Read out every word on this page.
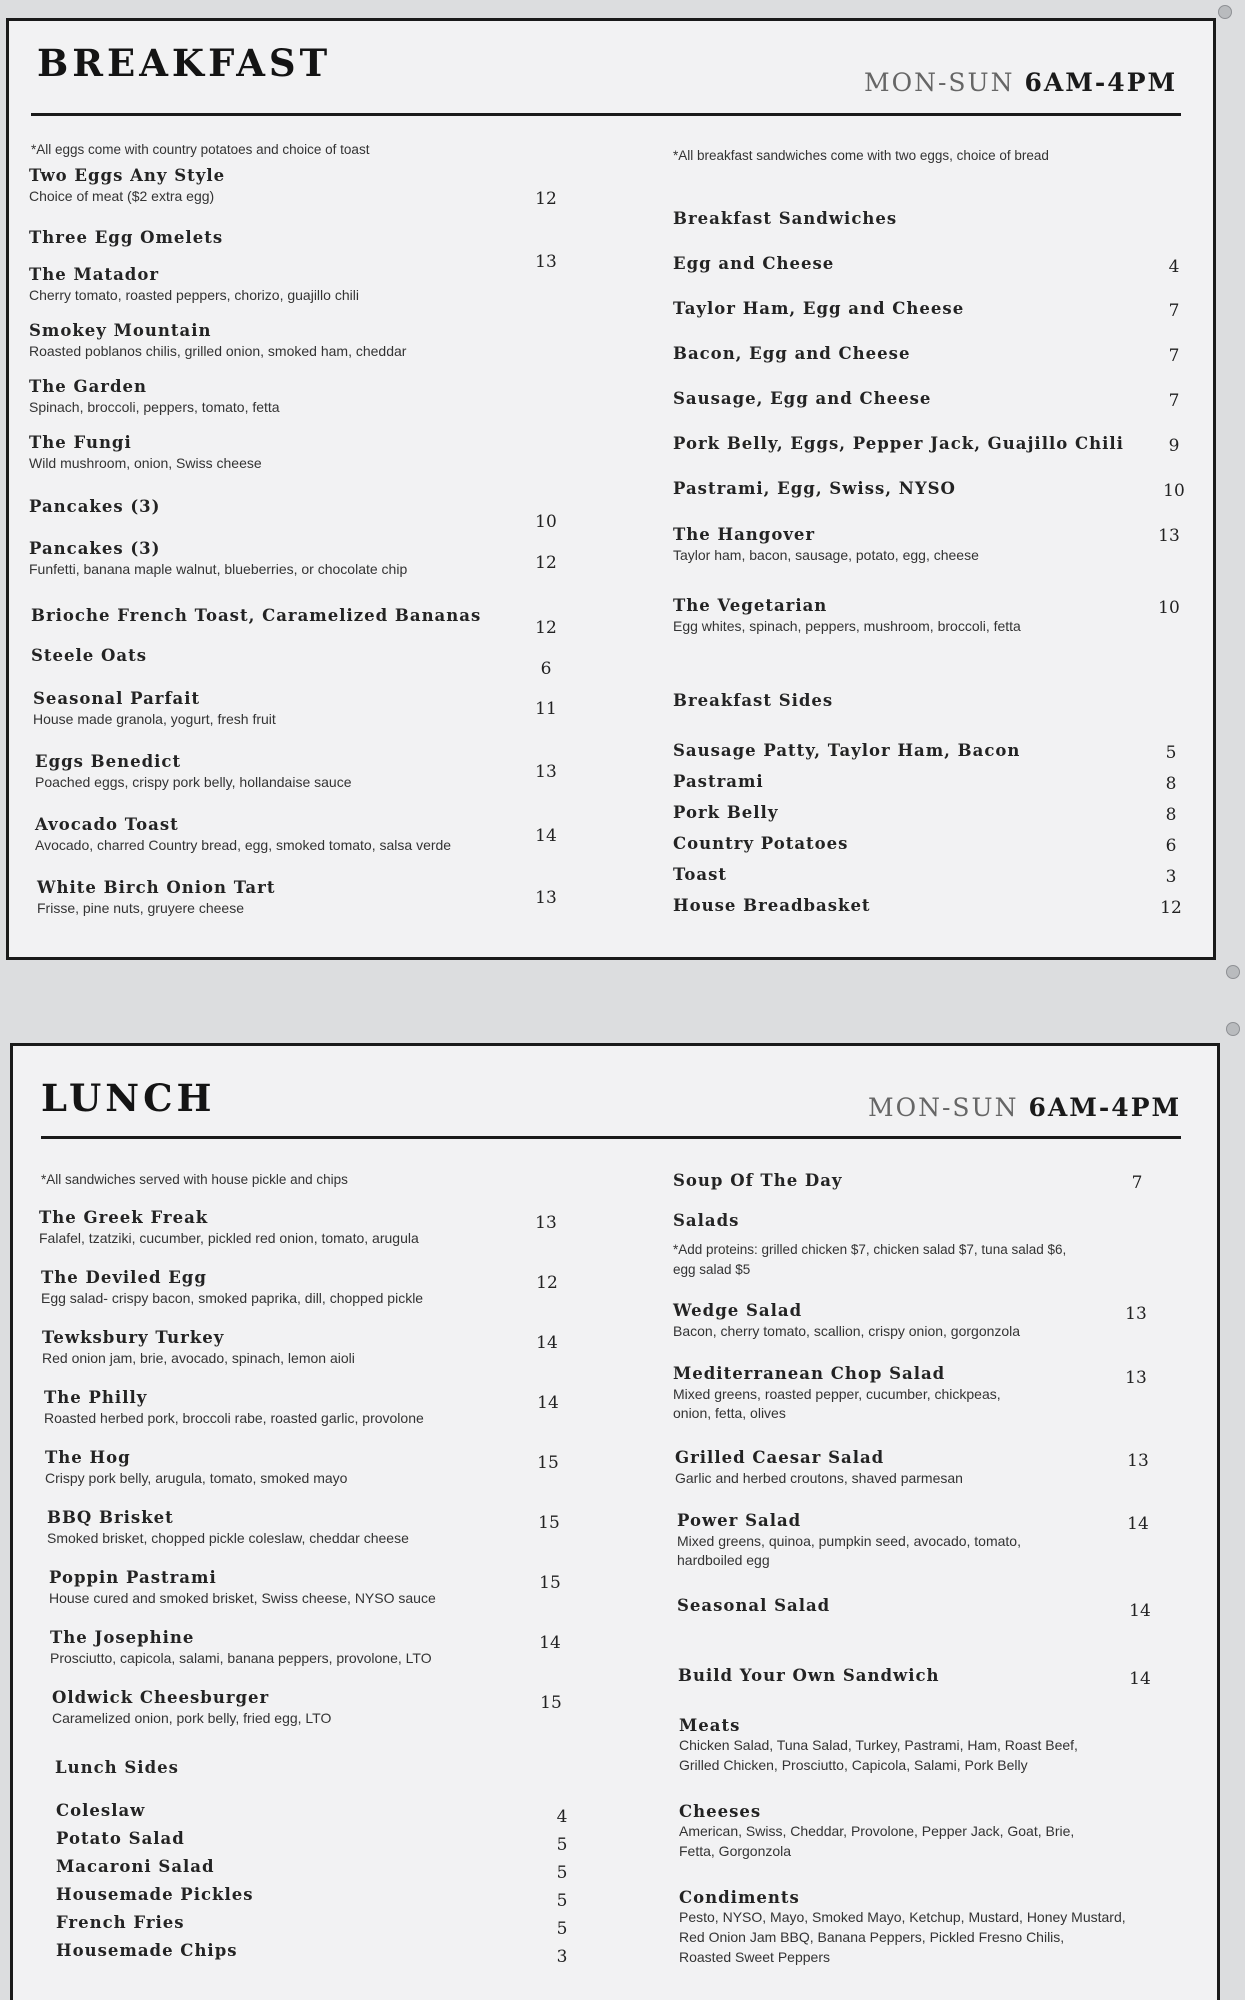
BREAKFAST	MON-SUN 6AM-4PM
*All eggs come with country potatoes and choice of toast	*All breakfast sandwiches come with two eggs, choice of bread
Two Eggs Any Style
Choice of meat ($2 extra egg)	12
Three Egg Omelets
13
The Matador
Cherry tomato, roasted peppers, chorizo, guajillo chili
Smokey Mountain
Roasted poblanos chilis, grilled onion, smoked ham, cheddar
The Garden
Spinach, broccoli, peppers, tomato, fetta
The Fungi
Wild mushroom, onion, Swiss cheese
Pancakes (3)
10
Pancakes (3)
Funfetti, banana maple walnut, blueberries, or chocolate chip	12
Brioche French Toast, Caramelized Bananas
12
Steele Oats
6
Seasonal Parfait
House made granola, yogurt, fresh fruit	11
Eggs Benedict
Poached eggs, crispy pork belly, hollandaise sauce	13
Avocado Toast
Avocado, charred Country bread, egg, smoked tomato, salsa verde	14
White Birch Onion Tart
Frisse, pine nuts, gruyere cheese	13
Breakfast Sandwiches
Egg and Cheese	4
Taylor Ham, Egg and Cheese	7
Bacon, Egg and Cheese	7
Sausage, Egg and Cheese	7
Pork Belly, Eggs, Pepper Jack, Guajillo Chili	9
Pastrami, Egg, Swiss, NYSO	10
The Hangover
Taylor ham, bacon, sausage, potato, egg, cheese
13
The Vegetarian
Egg whites, spinach, peppers, mushroom, broccoli, fetta
10
Breakfast Sides
Sausage Patty, Taylor Ham, Bacon	5
Pastrami	8
Pork Belly	8
Country Potatoes	6
Toast	3
House Breadbasket	12
LUNCH	MON-SUN 6AM-4PM
*All sandwiches served with house pickle and chips
The Greek Freak
Falafel, tzatziki, cucumber, pickled red onion, tomato, arugula
13
The Deviled Egg
Egg salad- crispy bacon, smoked paprika, dill, chopped pickle
12
Tewksbury Turkey
Red onion jam, brie, avocado, spinach, lemon aioli
14
The Philly
Roasted herbed pork, broccoli rabe, roasted garlic, provolone
14
The Hog
Crispy pork belly, arugula, tomato, smoked mayo
15
BBQ Brisket
Smoked brisket, chopped pickle coleslaw, cheddar cheese
15
Poppin Pastrami
House cured and smoked brisket, Swiss cheese, NYSO sauce
15
The Josephine
Prosciutto, capicola, salami, banana peppers, provolone, LTO
14
Oldwick Cheesburger
Caramelized onion, pork belly, fried egg, LTO
15
Lunch Sides
Coleslaw	4
Potato Salad	5
Macaroni Salad	5
Housemade Pickles	5
French Fries	5
Housemade Chips	3
Soup Of The Day	7
Salads
*Add proteins: grilled chicken $7, chicken salad $7, tuna salad $6,
egg salad $5
Wedge Salad
Bacon, cherry tomato, scallion, crispy onion, gorgonzola
13
Mediterranean Chop Salad
Mixed greens, roasted pepper, cucumber, chickpeas,
onion, fetta, olives
13
Grilled Caesar Salad
Garlic and herbed croutons, shaved parmesan
13
Power Salad
Mixed greens, quinoa, pumpkin seed, avocado, tomato,
hardboiled egg
14
Seasonal Salad	14
Build Your Own Sandwich	14
Meats
Chicken Salad, Tuna Salad, Turkey, Pastrami, Ham, Roast Beef,
Grilled Chicken, Prosciutto, Capicola, Salami, Pork Belly
Cheeses
American, Swiss, Cheddar, Provolone, Pepper Jack, Goat, Brie,
Fetta, Gorgonzola
Condiments
Pesto, NYSO, Mayo, Smoked Mayo, Ketchup, Mustard, Honey Mustard,
Red Onion Jam BBQ, Banana Peppers, Pickled Fresno Chilis,
Roasted Sweet Peppers
